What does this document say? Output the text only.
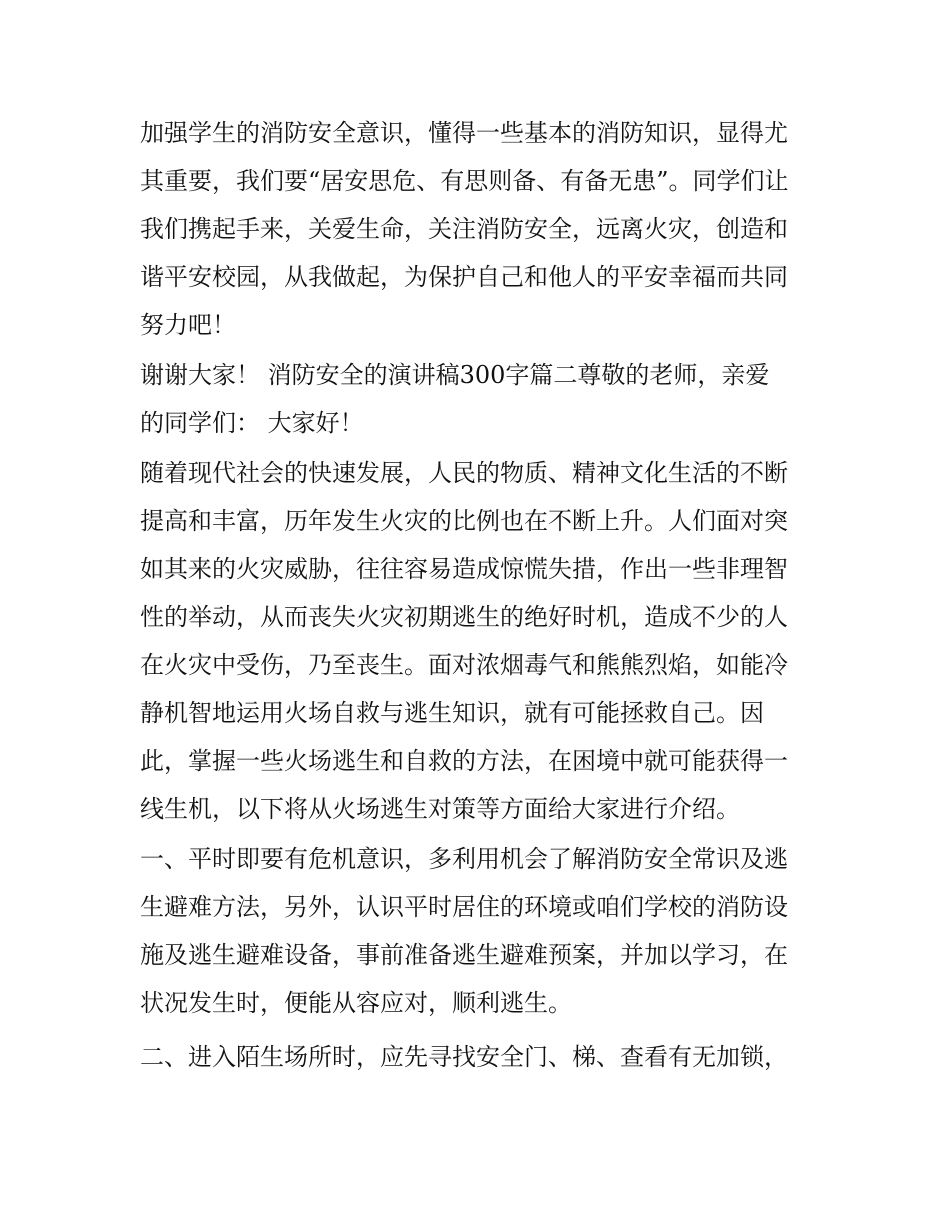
加强学生的消防安全意识，懂得一些基本的消防知识，显得尤
其重要，我们要“居安思危、有思则备、有备无患”。同学们让
我们携起手来，关爱生命，关注消防安全，远离火灾，创造和
谐平安校园，从我做起，为保护自己和他人的平安幸福而共同
努力吧！
谢谢大家！ 消防安全的演讲稿300字篇二尊敬的老师，亲爱
的同学们： 大家好！
随着现代社会的快速发展，人民的物质、精神文化生活的不断
提高和丰富，历年发生火灾的比例也在不断上升。人们面对突
如其来的火灾威胁，往往容易造成惊慌失措，作出一些非理智
性的举动，从而丧失火灾初期逃生的绝好时机，造成不少的人
在火灾中受伤，乃至丧生。面对浓烟毒气和熊熊烈焰，如能冷
静机智地运用火场自救与逃生知识，就有可能拯救自己。因
此，掌握一些火场逃生和自救的方法，在困境中就可能获得一
线生机，以下将从火场逃生对策等方面给大家进行介绍。
一、平时即要有危机意识，多利用机会了解消防安全常识及逃
生避难方法，另外，认识平时居住的环境或咱们学校的消防设
施及逃生避难设备，事前准备逃生避难预案，并加以学习，在
状况发生时，便能从容应对，顺利逃生。
二、进入陌生场所时，应先寻找安全门、梯、查看有无加锁，
